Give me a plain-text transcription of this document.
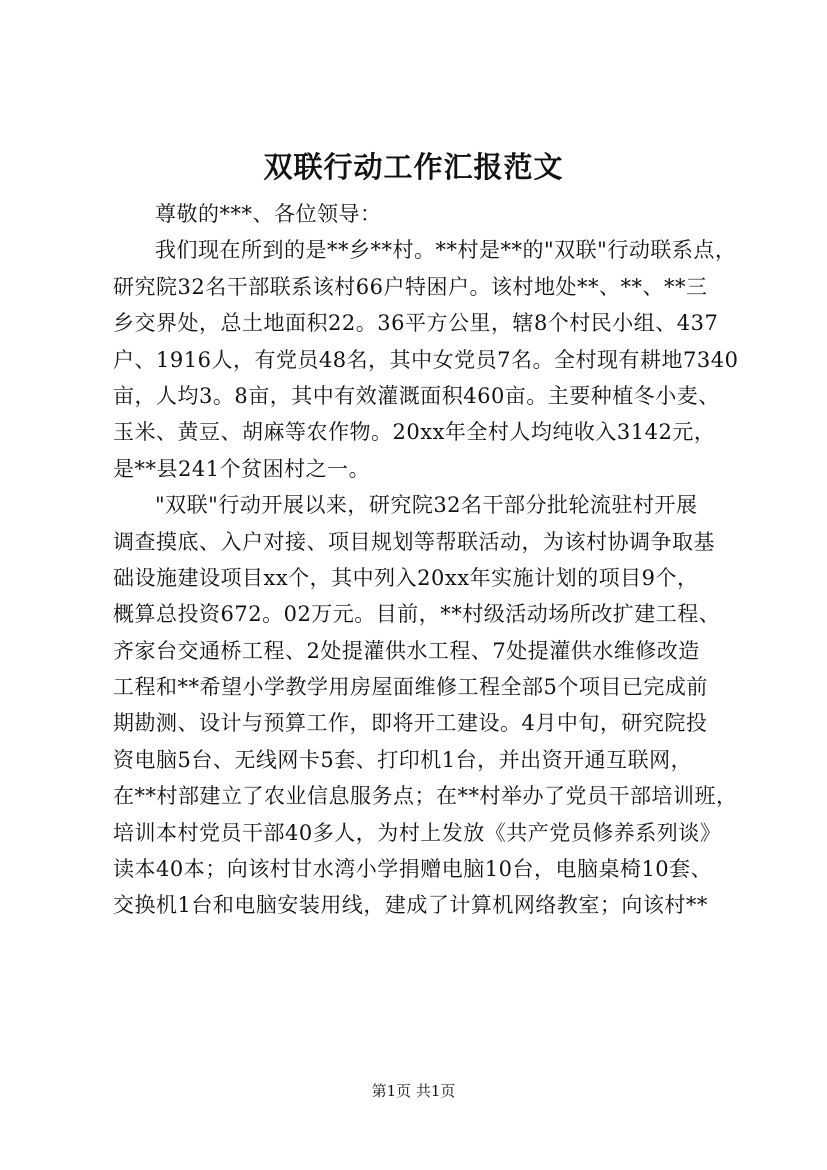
双联行动工作汇报范文
尊敬的***、各位领导：
我们现在所到的是**乡**村。**村是**的"双联"行动联系点，
研究院32名干部联系该村66户特困户。该村地处**、**、**三
乡交界处，总土地面积22。36平方公里，辖8个村民小组、437
户、1916人，有党员48名，其中女党员7名。全村现有耕地7340
亩，人均3。8亩，其中有效灌溉面积460亩。主要种植冬小麦、
玉米、黄豆、胡麻等农作物。20xx年全村人均纯收入3142元，
是**县241个贫困村之一。
"双联"行动开展以来，研究院32名干部分批轮流驻村开展
调查摸底、入户对接、项目规划等帮联活动，为该村协调争取基
础设施建设项目xx个，其中列入20xx年实施计划的项目9个，
概算总投资672。02万元。目前，**村级活动场所改扩建工程、
齐家台交通桥工程、2处提灌供水工程、7处提灌供水维修改造
工程和**希望小学教学用房屋面维修工程全部5个项目已完成前
期勘测、设计与预算工作，即将开工建设。4月中旬，研究院投
资电脑5台、无线网卡5套、打印机1台，并出资开通互联网，
在**村部建立了农业信息服务点；在**村举办了党员干部培训班，
培训本村党员干部40多人，为村上发放《共产党员修养系列谈》
读本40本；向该村甘水湾小学捐赠电脑10台，电脑桌椅10套、
交换机1台和电脑安装用线，建成了计算机网络教室；向该村**
第1页 共1页
